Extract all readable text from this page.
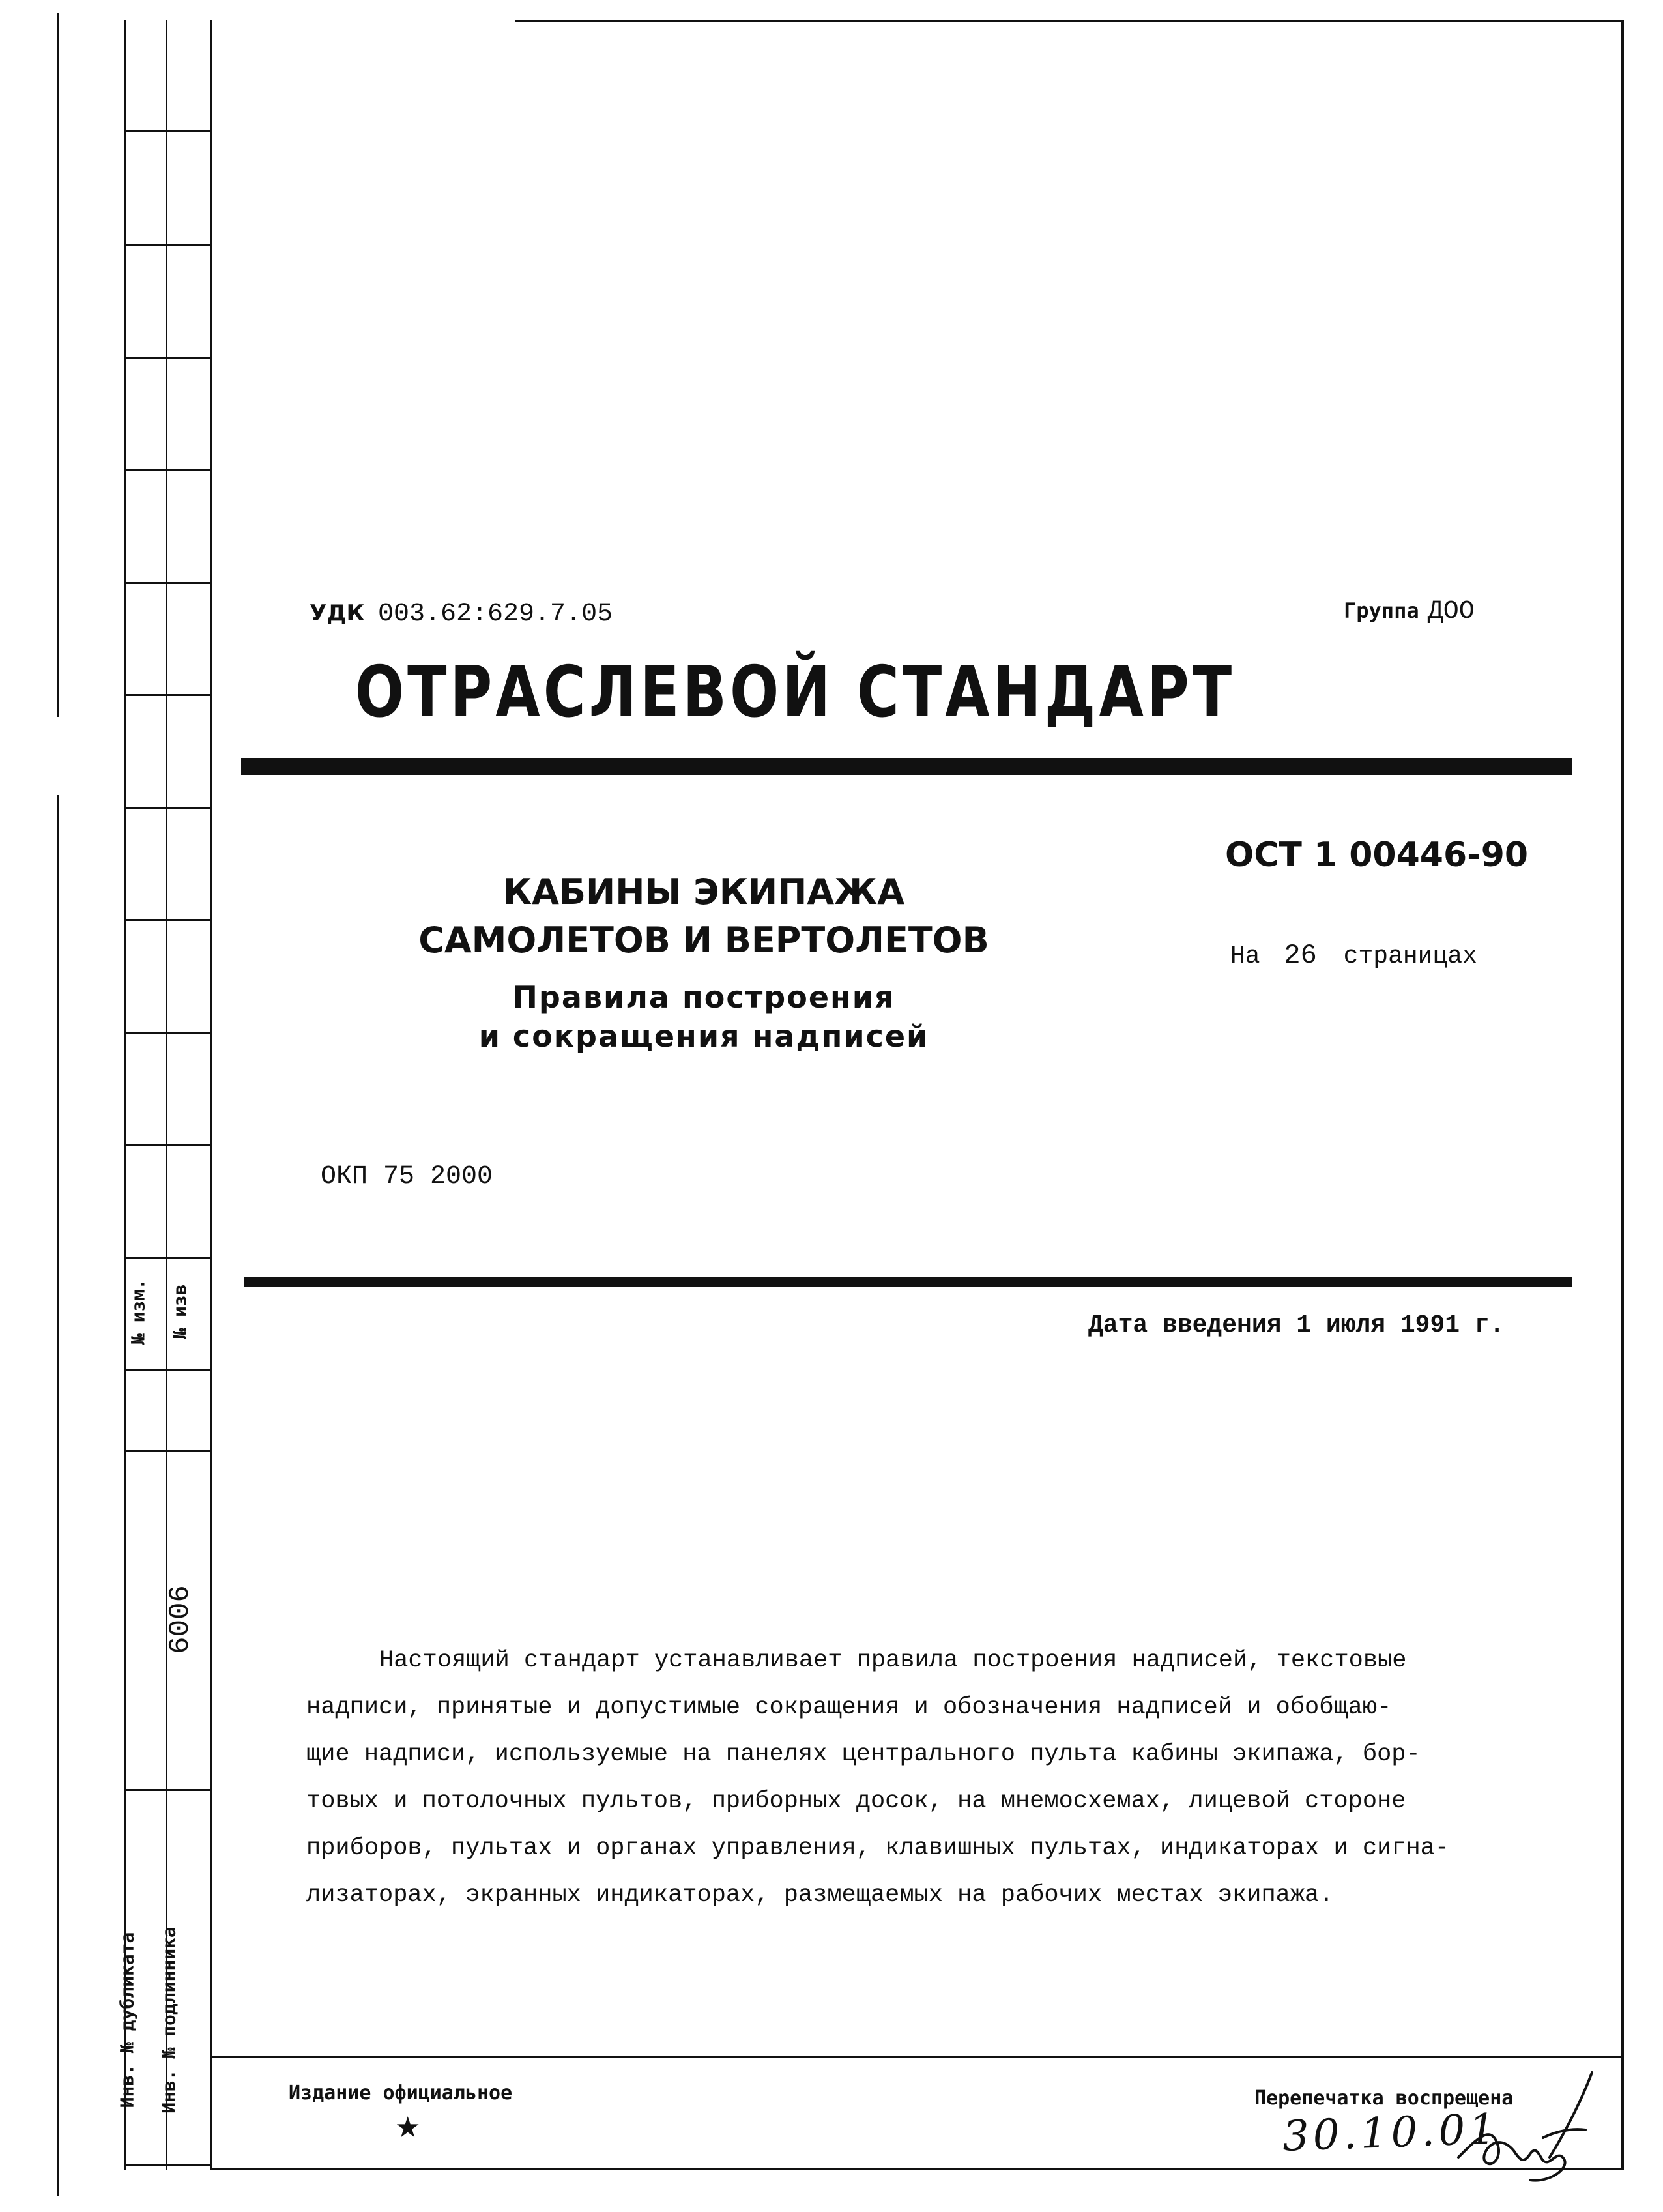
№ изм. № изв
6006
Инв. № дубликата Инв. № подлинника
УДК 003.62:629.7.05	Группа ДОО
ОТРАСЛЕВОЙ СТАНДАРТ
ОСТ 1 00446-90
На 26 страницах
КАБИНЫ ЭКИПАЖА
САМОЛЕТОВ И ВЕРТОЛЕТОВ
Правила построения
и сокращения надписей
ОКП 75 2000
Дата введения 1 июля 1991 г.
Настоящий стандарт устанавливает правила построения надписей, текстовые
надписи, принятые и допустимые сокращения и обозначения надписей и обобщаю-
щие надписи, используемые на панелях центрального пульта кабины экипажа, бор-
товых и потолочных пультов, приборных досок, на мнемосхемах, лицевой стороне
приборов, пультах и органах управления, клавишных пультах, индикаторах и сигна-
лизаторах, экранных индикаторах, размещаемых на рабочих местах экипажа.
Издание официальное
★
Перепечатка воспрещена
30.10.01
